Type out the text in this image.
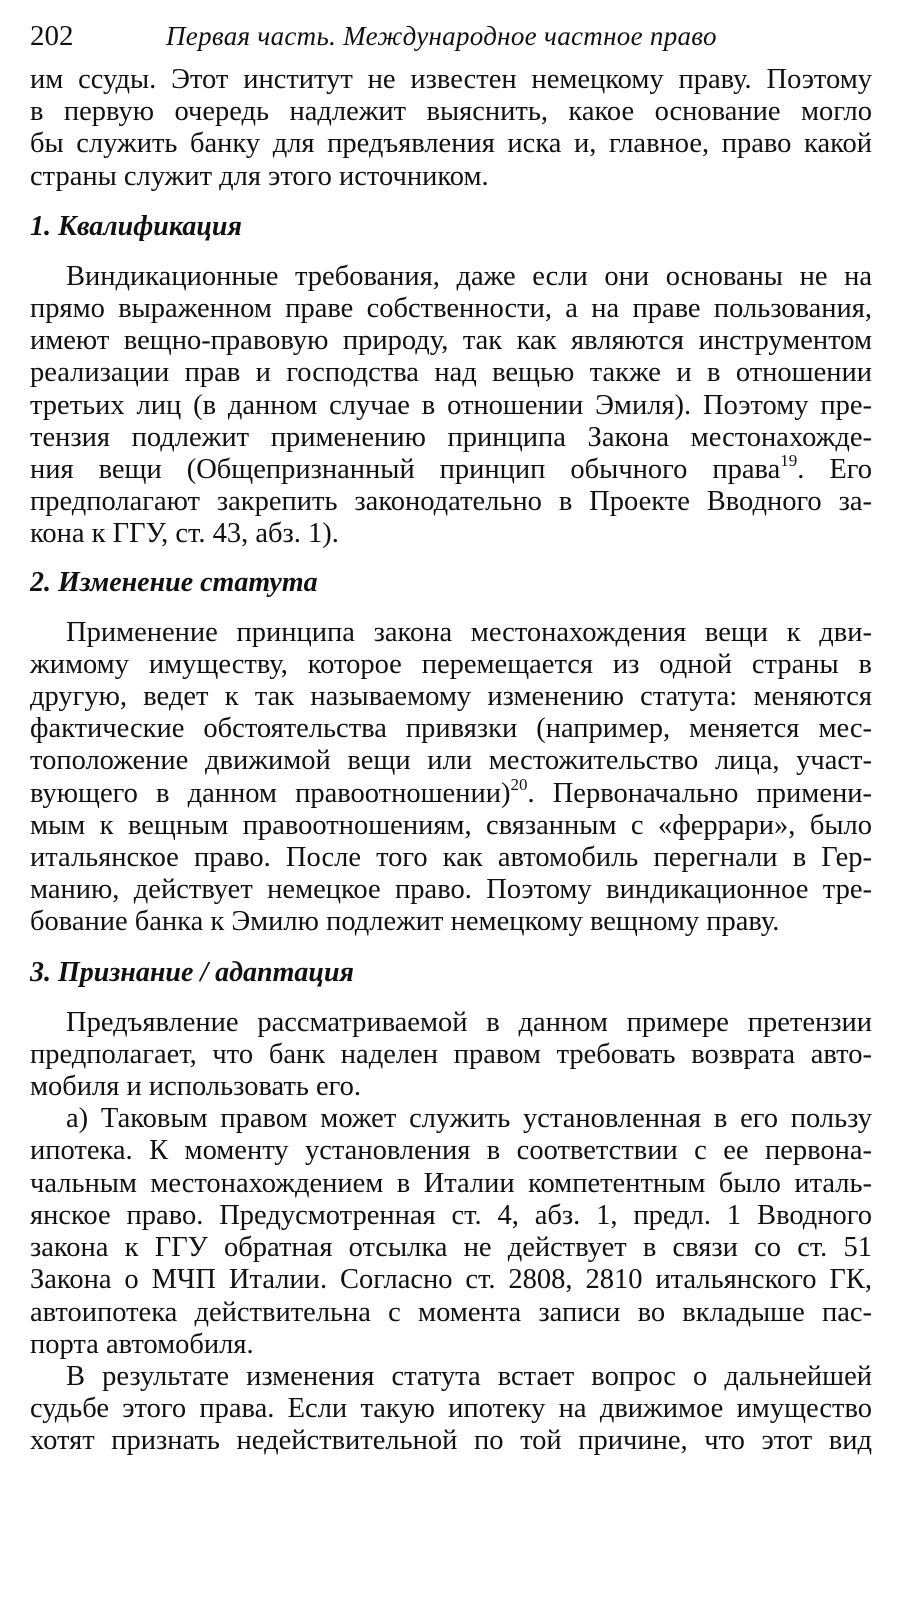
202	Первая часть. Международное частное право

им ссуды. Этот институт не известен немецкому праву. Поэтому
в первую очередь надлежит выяснить, какое основание могло
бы служить банку для предъявления иска и, главное, право какой
страны служит для этого источником.

1. Квалификация

Виндикационные требования, даже если они основаны не на
прямо выраженном праве собственности, а на праве пользования,
имеют вещно-правовую природу, так как являются инструментом
реализации прав и господства над вещью также и в отношении
третьих лиц (в данном случае в отношении Эмиля). Поэтому пре-
тензия подлежит применению принципа Закона местонахожде-
ния вещи (Общепризнанный принцип обычного права$^{19}$. Его
предполагают закрепить законодательно в Проекте Вводного за-
кона к ГГУ, ст. 43, абз. 1).

2. Изменение статута

Применение принципа закона местонахождения вещи к дви-
жимому имуществу, которое перемещается из одной страны в
другую, ведет к так называемому изменению статута: меняются
фактические обстоятельства привязки (например, меняется мес-
тоположение движимой вещи или местожительство лица, участ-
вующего в данном правоотношении)$^{20}$. Первоначально примени-
мым к вещным правоотношениям, связанным с «феррари», было
итальянское право. После того как автомобиль перегнали в Гер-
манию, действует немецкое право. Поэтому виндикационное тре-
бование банка к Эмилю подлежит немецкому вещному праву.

3. Признание / адаптация

Предъявление рассматриваемой в данном примере претензии
предполагает, что банк наделен правом требовать возврата авто-
мобиля и использовать его.

а) Таковым правом может служить установленная в его пользу
ипотека. К моменту установления в соответствии с ее первона-
чальным местонахождением в Италии компетентным было италь-
янское право. Предусмотренная ст. 4, абз. 1, предл. 1 Вводного
закона к ГГУ обратная отсылка не действует в связи со ст. 51
Закона о МЧП Италии. Согласно ст. 2808, 2810 итальянского ГК,
автоипотека действительна с момента записи во вкладыше пас-
порта автомобиля.

В результате изменения статута встает вопрос о дальнейшей
судьбе этого права. Если такую ипотеку на движимое имущество
хотят признать недействительной по той причине, что этот вид
